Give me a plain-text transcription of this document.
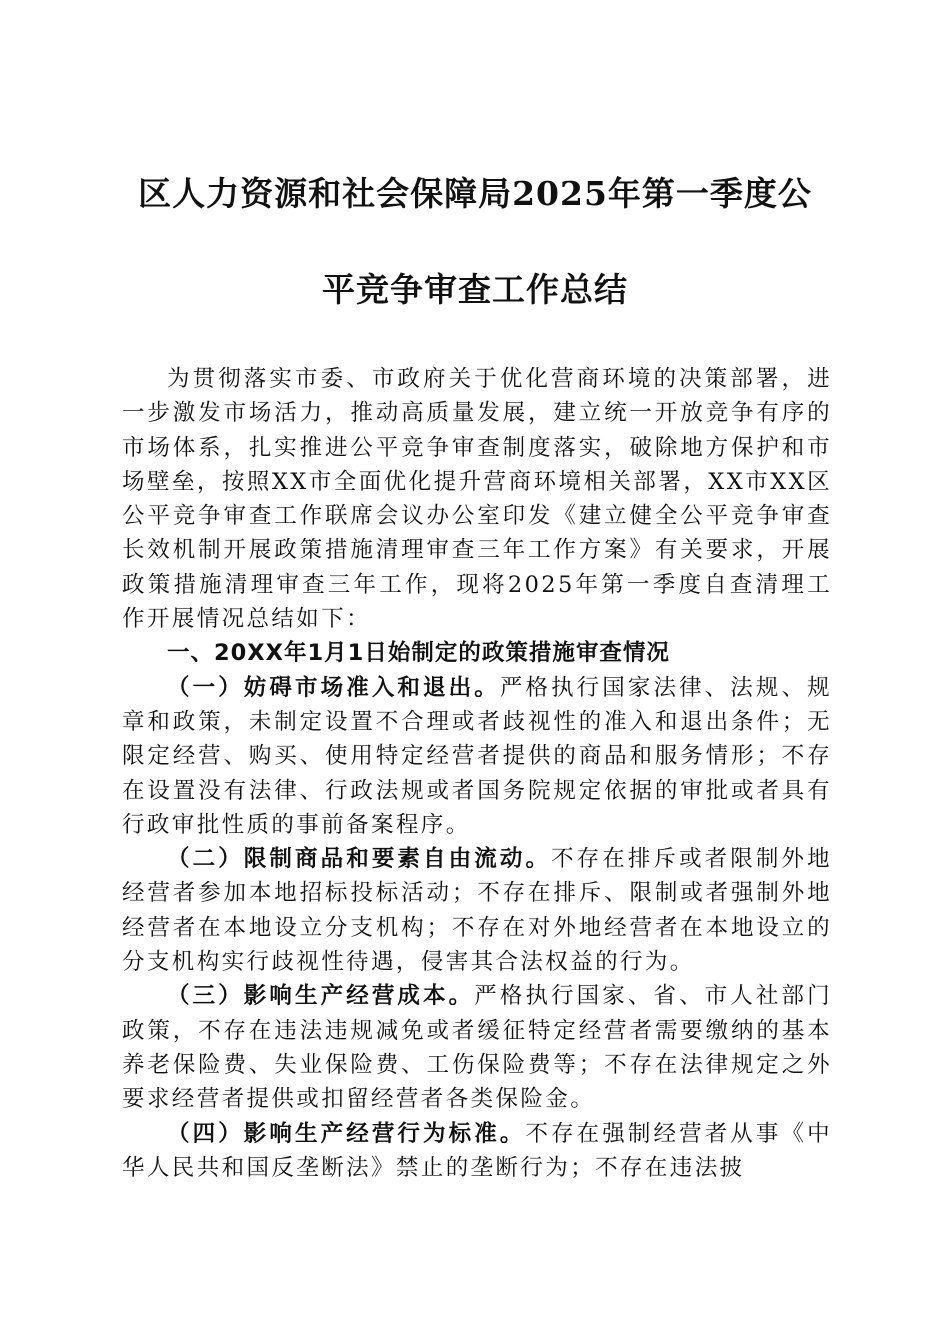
区人力资源和社会保障局2025年第一季度公
平竞争审查工作总结

为贯彻落实市委、市政府关于优化营商环境的决策部署，进一步激发市场活力，推动高质量发展，建立统一开放竞争有序的市场体系，扎实推进公平竞争审查制度落实，破除地方保护和市场壁垒，按照XX市全面优化提升营商环境相关部署，XX市XX区公平竞争审查工作联席会议办公室印发《建立健全公平竞争审查长效机制开展政策措施清理审查三年工作方案》有关要求，开展政策措施清理审查三年工作，现将2025年第一季度自查清理工作开展情况总结如下：

一、20XX年1月1日始制定的政策措施审查情况

（一）妨碍市场准入和退出。严格执行国家法律、法规、规章和政策，未制定设置不合理或者歧视性的准入和退出条件；无限定经营、购买、使用特定经营者提供的商品和服务情形；不存在设置没有法律、行政法规或者国务院规定依据的审批或者具有行政审批性质的事前备案程序。

（二）限制商品和要素自由流动。不存在排斥或者限制外地经营者参加本地招标投标活动；不存在排斥、限制或者强制外地经营者在本地设立分支机构；不存在对外地经营者在本地设立的分支机构实行歧视性待遇，侵害其合法权益的行为。

（三）影响生产经营成本。严格执行国家、省、市人社部门政策，不存在违法违规减免或者缓征特定经营者需要缴纳的基本养老保险费、失业保险费、工伤保险费等；不存在法律规定之外要求经营者提供或扣留经营者各类保险金。

（四）影响生产经营行为标准。不存在强制经营者从事《中华人民共和国反垄断法》禁止的垄断行为；不存在违法披
